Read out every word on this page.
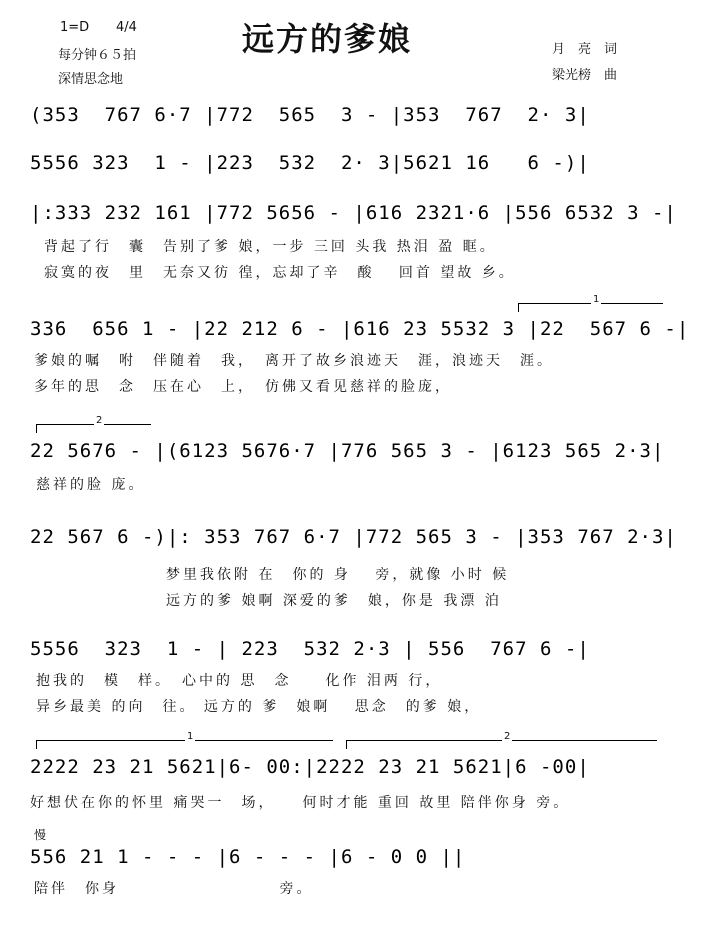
远方的爹娘
1=D 4/4
每分钟６５拍
深情思念地
月　亮　词
梁光榜　曲
(353  767 6·7 |772  565  3 - |353  767  2· 3|
5556 323  1 - |223  532  2· 3|5621 16   6 -)|
|:333 232 161 |772 5656 - |616 2321·6 |556 6532 3 -|
背起了行　囊　告别了爹 娘，一步 三回 头我 热泪 盈 眶。
寂寞的夜　里　无奈又彷 徨，忘却了辛　酸　 回首 望故 乡。
1
336  656 1 - |22 212 6 - |616 23 5532 3 |22  567 6 -|
爹娘的嘱　咐　伴随着　我，　离开了故乡浪迹天　涯，浪迹天　涯。
多年的思　念　压在心　上，　仿佛又看见慈祥的脸庞，
2
22 5676 - |(6123 5676·7 |776 565 3 - |6123 565 2·3|
慈祥的脸 庞。
22 567 6 -)|: 353 767 6·7 |772 565 3 - |353 767 2·3|
　　　　　　　　梦里我依附 在　你的 身　 旁，就像 小时 候
　　　　　　　　远方的爹 娘啊 深爱的爹　娘，你是 我漂 泊
5556  323  1 - | 223  532 2·3 | 556  767 6 -|
抱我的　模　样。　心中的 思　念　　化作 泪两 行，
异乡最美 的向　往。 远方的 爹　娘啊　 思念　的爹 娘，
1	2
2222 23 21 5621|6- 00:|2222 23 21 5621|6 -00|
好想伏在你的怀里 痛哭一　场，　　何时才能 重回 故里 陪伴你身 旁。
慢
556 21 1 - - - |6 - - - |6 - 0 0 ||
陪伴　你身　　　　　　　　　 旁。
